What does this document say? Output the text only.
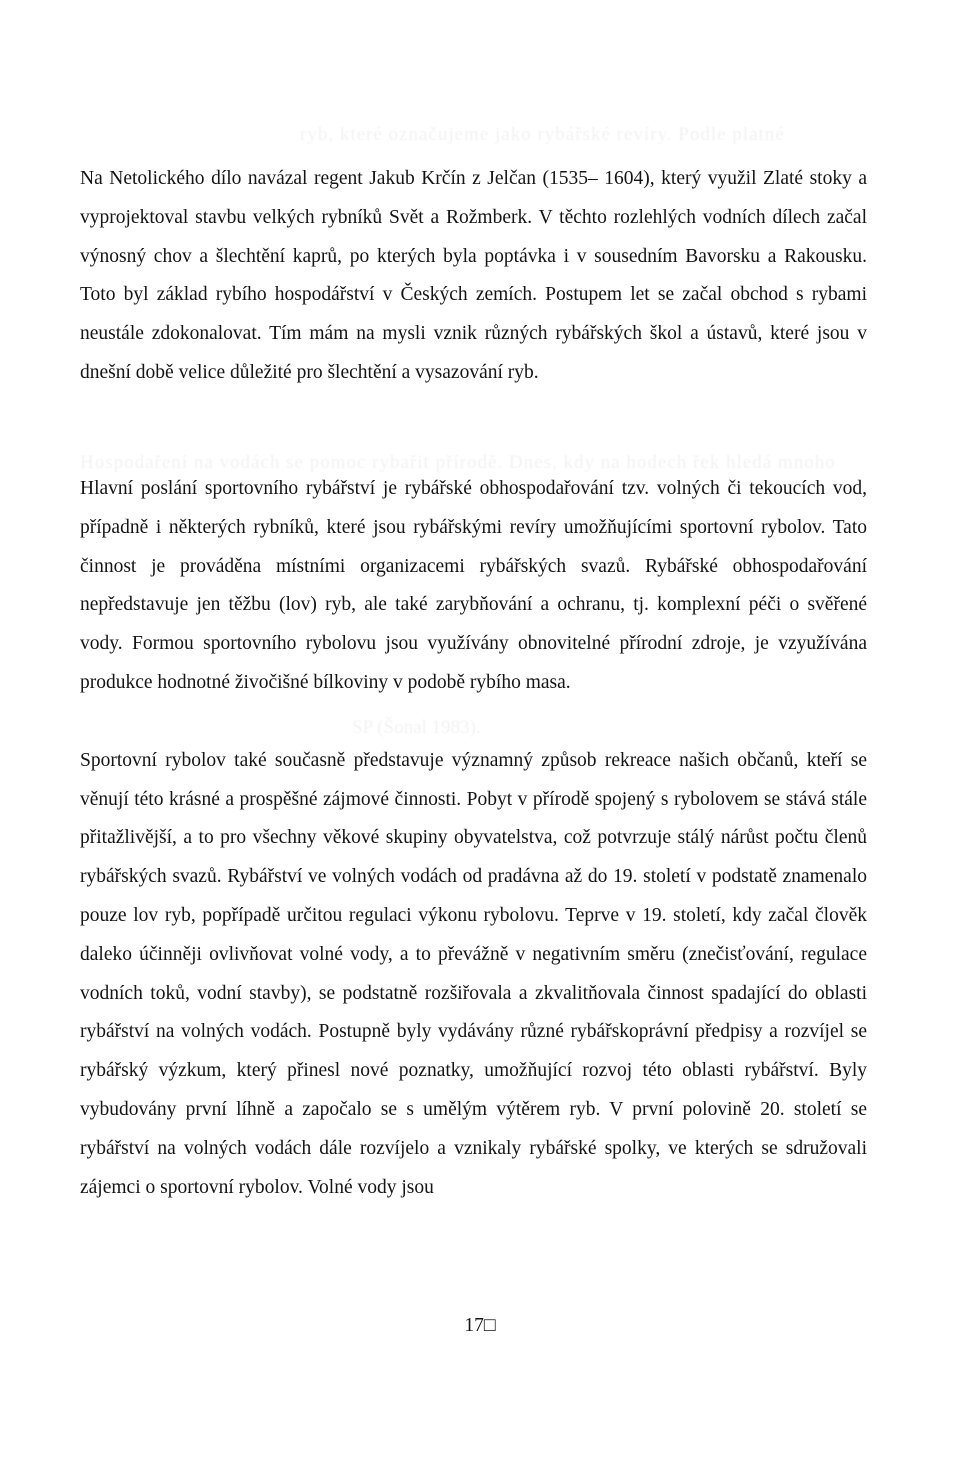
ryb, které označujeme jako rybářské revíry. Podle platné
Hospodaření na vodách se pomoc rybařit přírodě. Dnes, kdy na hodech řek hledá mnoho
SP (Šonal 1983).

Na Netolického dílo navázal regent Jakub Krčín z Jelčan (1535– 1604), který využil Zlaté stoky a vyprojektoval stavbu velkých rybníků Svět a Rožmberk. V těchto rozlehlých vodních dílech začal výnosný chov a šlechtění kaprů, po kterých byla poptávka i v sousedním Bavorsku a Rakousku. Toto byl základ rybího hospodářství v Českých zemích. Postupem let se začal obchod s rybami neustále zdokonalovat. Tím mám na mysli vznik různých rybářských škol a ústavů, které jsou v dnešní době velice důležité pro šlechtění a vysazování ryb.

Hlavní poslání sportovního rybářství je rybářské obhospodařování tzv. volných či tekoucích vod, případně i některých rybníků, které jsou rybářskými revíry umožňujícími sportovní rybolov. Tato činnost je prováděna místními organizacemi rybářských svazů. Rybářské obhospodařování nepředstavuje jen těžbu (lov) ryb, ale také zarybňování a ochranu, tj. komplexní péči o svěřené vody. Formou sportovního rybolovu jsou využívány obnovitelné přírodní zdroje, je vzyužívána produkce hodnotné živočišné bílkoviny v podobě rybího masa.

Sportovní rybolov také současně představuje významný způsob rekreace našich občanů, kteří se věnují této krásné a prospěšné zájmové činnosti. Pobyt v přírodě spojený s rybolovem se stává stále přitažlivější, a to pro všechny věkové skupiny obyvatelstva, což potvrzuje stálý nárůst počtu členů rybářských svazů. Rybářství ve volných vodách od pradávna až do 19. století v podstatě znamenalo pouze lov ryb, popřípadě určitou regulaci výkonu rybolovu. Teprve v 19. století, kdy začal člověk daleko účinněji ovlivňovat volné vody, a to převážně v negativním směru (znečisťování, regulace vodních toků, vodní stavby), se podstatně rozšiřovala a zkvalitňovala činnost spadající do oblasti rybářství na volných vodách. Postupně byly vydávány různé rybářskoprávní předpisy a rozvíjel se rybářský výzkum, který přinesl nové poznatky, umožňující rozvoj této oblasti rybářství. Byly vybudovány první líhně a započalo se s umělým výtěrem ryb. V první polovině 20. století se rybářství na volných vodách dále rozvíjelo a vznikaly rybářské spolky, ve kterých se sdružovali zájemci o sportovní rybolov. Volné vody jsou

17□
